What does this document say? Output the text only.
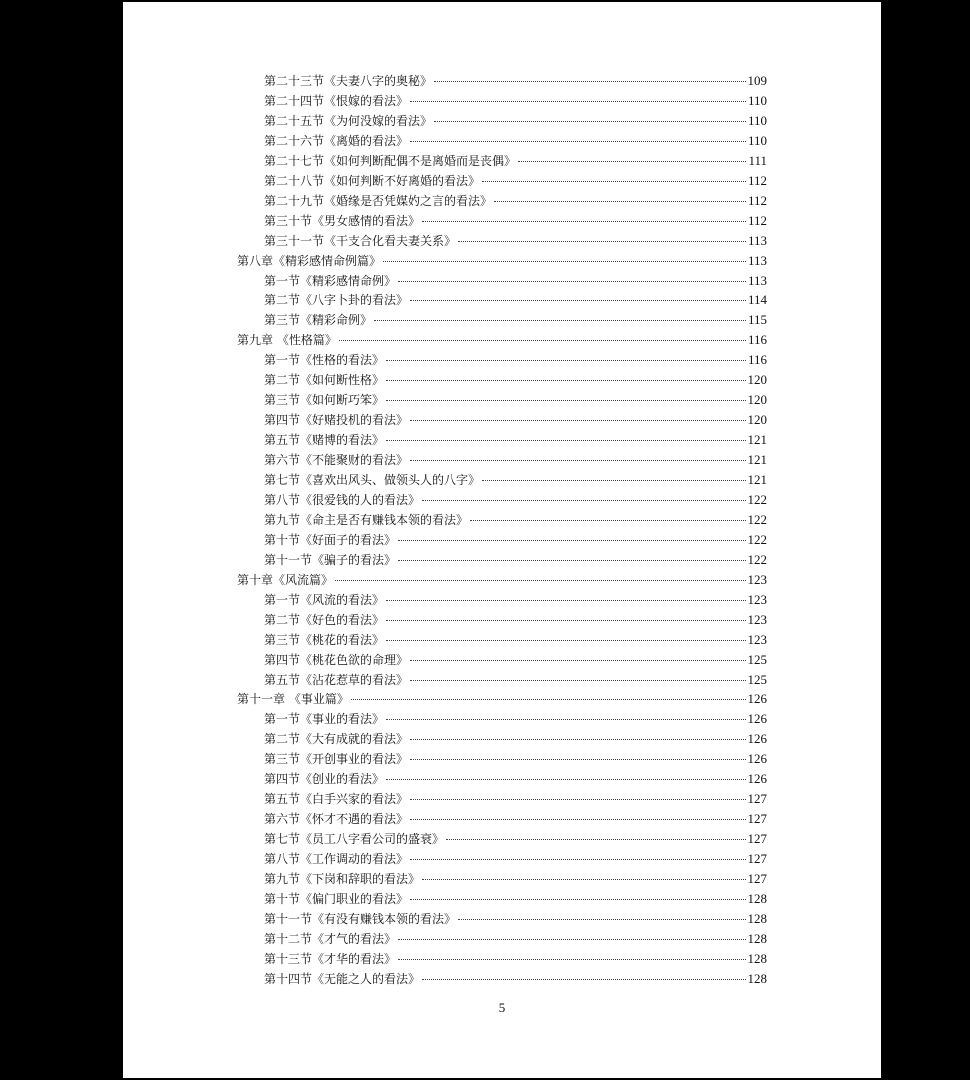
第二十三节《夫妻八字的奥秘》	109
第二十四节《恨嫁的看法》	110
第二十五节《为何没嫁的看法》	110
第二十六节《离婚的看法》	110
第二十七节《如何判断配偶不是离婚而是丧偶》	111
第二十八节《如何判断不好离婚的看法》	112
第二十九节《婚缘是否凭媒妁之言的看法》	112
第三十节《男女感情的看法》	112
第三十一节《干支合化看夫妻关系》	113
第八章《精彩感情命例篇》	113
第一节《精彩感情命例》	113
第二节《八字卜卦的看法》	114
第三节《精彩命例》	115
第九章 《性格篇》	116
第一节《性格的看法》	116
第二节《如何断性格》	120
第三节《如何断巧笨》	120
第四节《好赌投机的看法》	120
第五节《赌博的看法》	121
第六节《不能聚财的看法》	121
第七节《喜欢出风头、做领头人的八字》	121
第八节《很爱钱的人的看法》	122
第九节《命主是否有赚钱本领的看法》	122
第十节《好面子的看法》	122
第十一节《骗子的看法》	122
第十章《风流篇》	123
第一节《风流的看法》	123
第二节《好色的看法》	123
第三节《桃花的看法》	123
第四节《桃花色欲的命理》	125
第五节《沾花惹草的看法》	125
第十一章 《事业篇》	126
第一节《事业的看法》	126
第二节《大有成就的看法》	126
第三节《开创事业的看法》	126
第四节《创业的看法》	126
第五节《白手兴家的看法》	127
第六节《怀才不遇的看法》	127
第七节《员工八字看公司的盛衰》	127
第八节《工作调动的看法》	127
第九节《下岗和辞职的看法》	127
第十节《偏门职业的看法》	128
第十一节《有没有赚钱本领的看法》	128
第十二节《才气的看法》	128
第十三节《才华的看法》	128
第十四节《无能之人的看法》	128
5
